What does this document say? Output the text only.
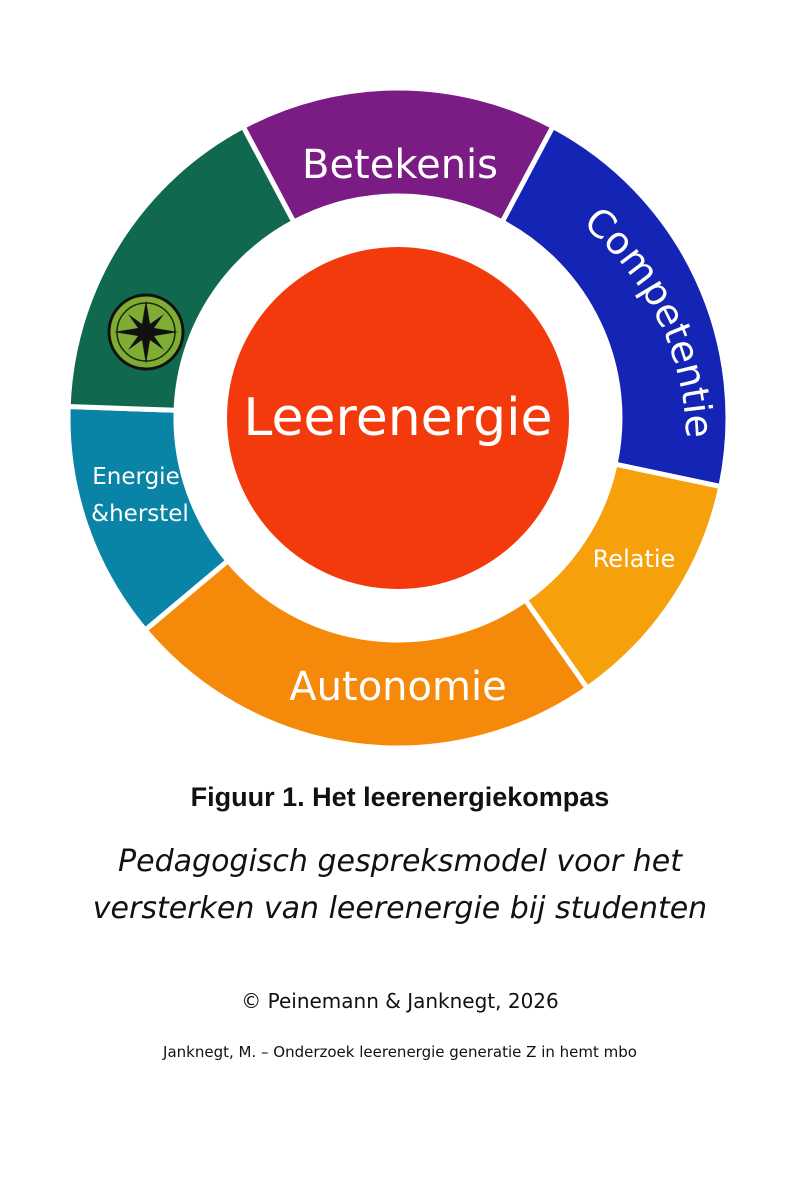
Leerenergie
Betekenis
Competentie
Relatie
Autonomie
Energie
&herstel
Figuur 1. Het leerenergiekompas
Pedagogisch gespreksmodel voor het
versterken van leerenergie bij studenten
© Peinemann & Janknegt, 2026
Janknegt, M. – Onderzoek leerenergie generatie Z in hemt mbo
